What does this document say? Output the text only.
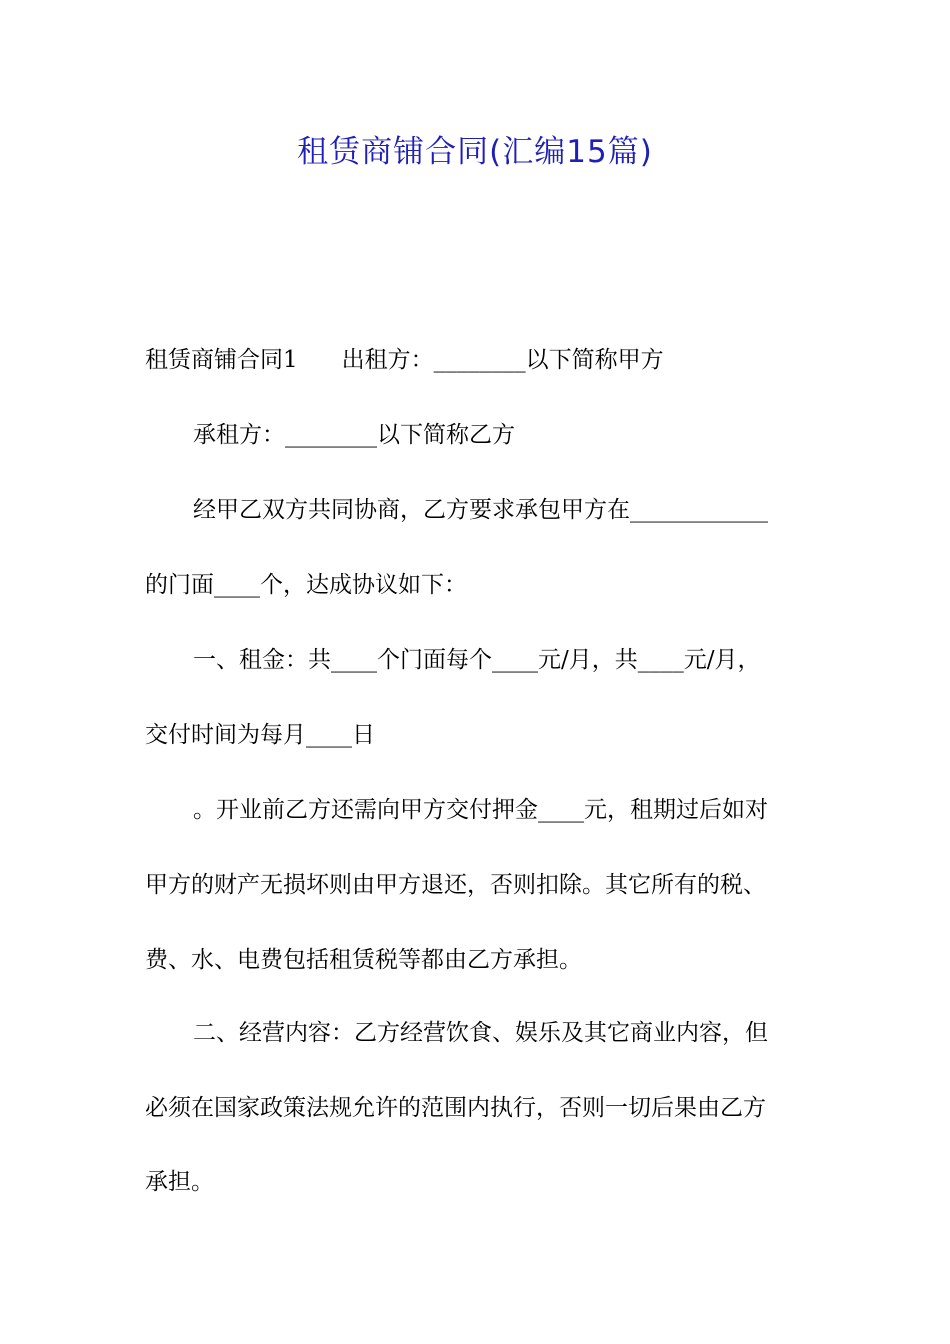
租赁商铺合同(汇编15篇)
租赁商铺合同1 出租方：________以下简称甲方
承租方：________以下简称乙方
经甲乙双方共同协商，乙方要求承包甲方在____________
的门面____个，达成协议如下：
一、租金：共____个门面每个____元/月，共____元/月，
交付时间为每月____日
。开业前乙方还需向甲方交付押金____元，租期过后如对
甲方的财产无损坏则由甲方退还，否则扣除。其它所有的税、
费、水、电费包括租赁税等都由乙方承担。
二、经营内容：乙方经营饮食、娱乐及其它商业内容，但
必须在国家政策法规允许的范围内执行，否则一切后果由乙方
承担。
